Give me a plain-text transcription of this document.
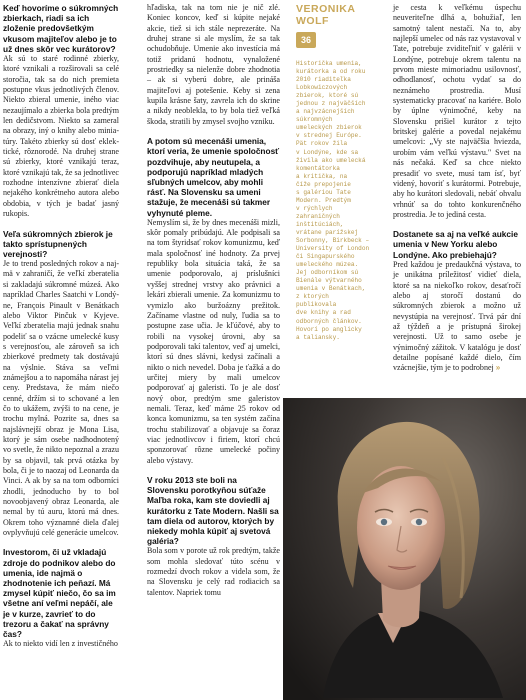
Keď hovoríme o súkromných zbierkach, riadi sa ich zloženie predovšetkým vkusom majiteľov alebo je to už dnes skôr vec kurátorov?

Ak sú to staré rodinné zbierky, ktoré vznikali a rozširovali sa celé storočia, tak sa do nich premieta postupne vkus jednotlivých členov. Niekto zbieral umenie, iného viac nezaujímalo a zbierka bola predtým len dedičstvom. Niekto sa zameral na obrazy, iný o knihy alebo miniatúry. Takéto zbierky sú dosť eklektické, rôznorodé. Na druhej strane sú zbierky, ktoré vznikajú teraz, ktoré vznikajú tak, že sa jednotlivec rozhodne intenzívne zbierať diela nejakého konkrétneho autora alebo obdobia, v tých je badať jasný rukopis.

Veľa súkromných zbierok je takto sprístupnených verejnosti?

Je to trend posledných rokov a najmä v zahraničí, že veľkí zberatelia si zakladajú súkromné múzeá. Ako napríklad Charles Saatchi v Londýne, François Pinault v Benátkach alebo Viktor Pinčuk v Kyjeve. Veľkí zberatelia majú jednak snahu podeliť sa o vzácne umelecké kusy s verejnosťou, ale zároveň sa ich zbierkové predmety tak dostávajú na výslnie. Stáva sa veľmi známejšou a to napomáha nárast jej ceny. Predstava, že mám niečo cenné, držím si to schované a len čo to ukážem, zvýši to na cene, je trochu mylná. Pozrite sa, dnes sa najslávnejší obraz je Mona Lisa, ktorý je sám osebe nadhodnotený vo svetle, že nikto nepoznal a zrazu by sa objavil, tak prvá otázka by bola, či je to naozaj od Leonarda da Vinci. A ak by sa na tom odborníci zhodli, jednoducho by to bol novoobjavený obraz Leonarda, ale nemal by tú auru, ktorú má dnes. Okrem toho významné diela ďalej ovplyvňujú celé generácie umelcov.

Investorom, či už vkladajú zdroje do podnikov alebo do umenia, ide najmä o zhodnotenie ich peňazí. Má zmysel kúpiť niečo, čo sa im všetne aní veľmi nepáčí, ale je v kurze, zavrieť to do trezoru a čakať na správny čas?

Ak to niekto vidí len z investičného

hľadiska, tak na tom nie je nič zlé. Koniec koncov, keď si kúpite nejaké akcie, tiež si ich stále neprezeráte. Na druhej strane si ale myslím, že sa tak ochudobňuje. Umenie ako investícia má totiž pridanú hodnotu, vynaložené prostriedky sa nielenže dobre zhodnotia – ak si vyberú dobre, ale prináša majiteľovi aj potešenie. Keby si zena kupila krásne šaty, zavrela ich do skrine a nikdy neoblekla, to by bola tiež veľká škoda, stratili by zmysel svojho vzniku.

A potom sú mecenáši umenia, ktorí veria, že umenie spoločnosť pozdvihuje, aby neutupela, a podporujú napríklad mladých sľubných umelcov, aby mohli rásť. Na Slovensku sa umeni stažuje, že mecenáši sú takmer vyhynuté pleme.

Nemyslím si, že by dnes mecenáši mizli, skôr pomaly pribúdajú. Ale podpisali sa na tom štyridsať rokov komunizmu, keď mala spoločnosť iné hodnoty. Za prvej republiky bola situácia taká, že sa umenie podporovalo, aj príslušníci vyššej strednej vrstvy ako právnici a lekári zbierali umenie. Za komunizmu to vymizlo ako buržoázny prežitok. Začíname vlastne od nuly, ľudia sa to postupne zase učia. Je kľúčové, aby to robili na vysokej úrovni, aby sa podporovali takí talentov, veď aj umelci, ktorí sú dnes slávni, kedysi začínali a nikto o nich nevedel. Doba je ťažká a do určitej miery by mali umelcov podporovať aj galeristi. To je ale dosť nový obor, predtým sme galeristov nemali. Teraz, keď máme 25 rokov od konca komunizmu, sa ten systém začína trochu stabilizovať a objavuje sa čoraz viac jednotlivcov i firiem, ktorí chcú sponzorovať rôzne umelecké počiny alebo výstavy.

V roku 2013 ste boli na Slovensku porotkyňou súťaže Maľba roka, kam ste doviedli aj kurátorku z Tate Modern. Našli sa tam diela od autorov, ktorých by niekedy mohla kúpiť aj svetová galéria?

Bola som v porote už rok predtým, takže som mohla sledovať túto scénu v rozmedzí dvoch rokov a videla som, že na Slovensku je celý rad rodiacich sa talentov. Napriek tomu

VERONIKA
WOLF
36
Historička umenia,
kurátorka a od roku
2010 riaditeľka
Lobkowiczových
zbierok, ktoré sú
jednou z najväčších
a najvzácnejších
súkromných
umeleckých zbierok
v strednej Európe.
Pät rokov žila
v Londýne, kde sa
živila ako umelecká
komentátorka
a kritička, na
číže prepojenie
s galériou Tate
Modern. Predtým
v rýchlych
zahraničných
inštitúciách,
vrátane parížskej
Sorbonny, Birkbeck –
University of London
či Singapurského
umeleckého múzea.
Jej odborníkom sú
Bienále výtvarného
umenia v Benátkach,
z ktorých
publikovala
dve knihy a rad
odborných článkov.
Hovorí po anglicky
a taliansky.

je cesta k veľkému úspechu neuveriteľne dlhá a, bohužiaľ, len samotný talent nestačí. Na to, aby najlepší umelec od nás raz vystavoval v Tate, potrebuje zviditeľniť v galérii v Londýne, potrebuje okrem talentu na prvom mieste mimoriadnu usilovnosť, odhodlanosť, ochotu vydať sa do neznámeho prostredia. Musí systematicky pracovať na kariére. Bolo by úplne výnimočné, keby na Slovensku prišiel kurátor z tejto britskej galérie a povedal nejakému umelcovi: „Vy ste najväčšia hviezda, urobím vám veľkú výstavu." Svet na nás nečaká. Keď sa chce niekto presadiť vo svete, musí tam ísť, byť videný, hovoriť s kurátormi. Potrebuje, aby ho kurátori sledovali, nebáť ohvalu vrhnúť sa do tohto konkurenčného prostredia. Je to jediná cesta.

Dostanete sa aj na veľké aukcie umenia v New Yorku alebo Londýne. Ako prebiehajú?

Pred každou je predaukčná výstava, to je unikátna príležitosť vidieť diela, ktoré sa na niekoľko rokov, desaťročí alebo aj storočí dostanú do súkromných zbierok a možno už nevystúpia na verejnosť. Trvá pár dní až týždeň a je prístupná širokej verejnosti. Už to samo osebe je výnimočný zážitok. V katalógu je dosť detailne popísané každé dielo, čím vzácnejšie, tým je to podrobnej »
